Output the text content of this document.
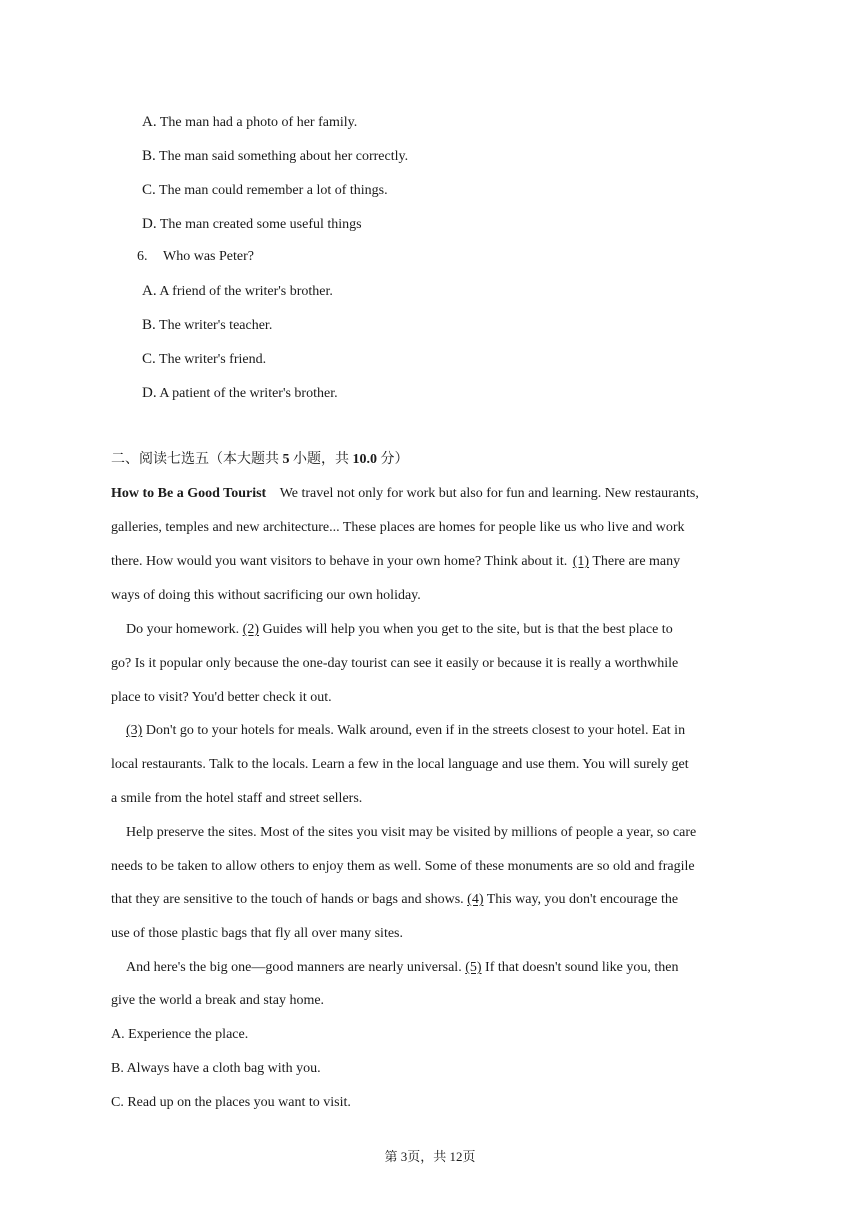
A. The man had a photo of her family.
B. The man said something about her correctly.
C. The man could remember a lot of things.
D. The man created some useful things
6. Who was Peter?
A. A friend of the writer's brother.
B. The writer's teacher.
C. The writer's friend.
D. A patient of the writer's brother.
二、阅读七选五（本大题共 5 小题，共 10.0 分）
How to Be a Good Tourist We travel not only for work but also for fun and learning. New restaurants,
galleries, temples and new architecture... These places are homes for people like us who live and work
there. How would you want visitors to behave in your own home? Think about it. (1) There are many
ways of doing this without sacrificing our own holiday.
Do your homework. (2) Guides will help you when you get to the site, but is that the best place to
go? Is it popular only because the one-day tourist can see it easily or because it is really a worthwhile
place to visit? You'd better check it out.
(3) Don't go to your hotels for meals. Walk around, even if in the streets closest to your hotel. Eat in
local restaurants. Talk to the locals. Learn a few in the local language and use them. You will surely get
a smile from the hotel staff and street sellers.
Help preserve the sites. Most of the sites you visit may be visited by millions of people a year, so care
needs to be taken to allow others to enjoy them as well. Some of these monuments are so old and fragile
that they are sensitive to the touch of hands or bags and shows. (4) This way, you don't encourage the
use of those plastic bags that fly all over many sites.
And here's the big one—good manners are nearly universal. (5) If that doesn't sound like you, then
give the world a break and stay home.
A. Experience the place.
B. Always have a cloth bag with you.
C. Read up on the places you want to visit.
第 3页，共 12页
